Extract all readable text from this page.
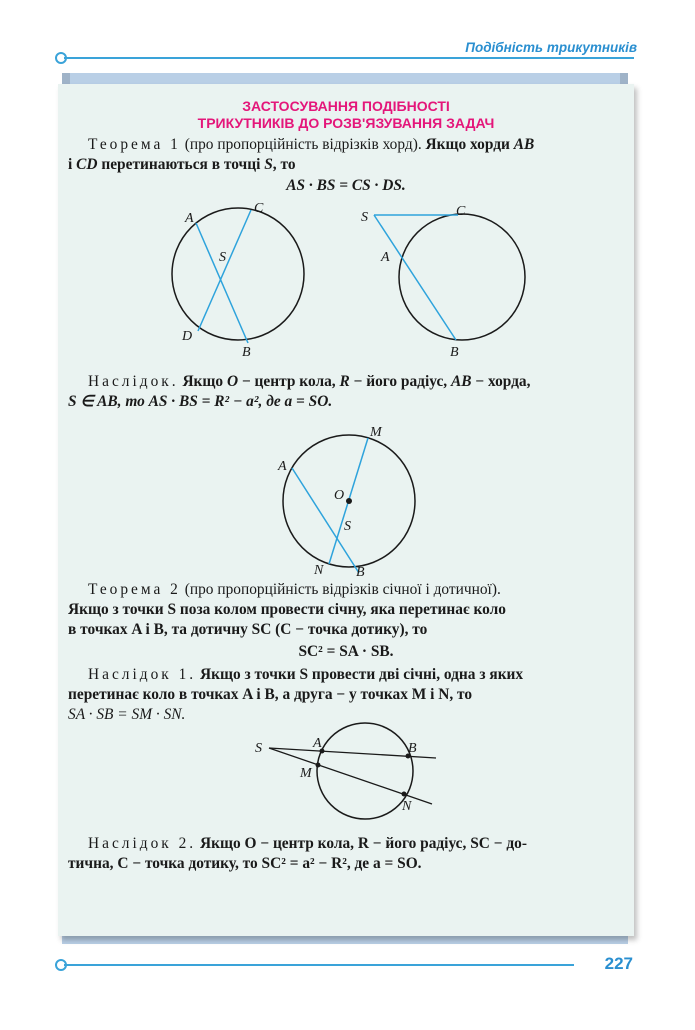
Подібність трикутників
ЗАСТОСУВАННЯ ПОДІБНОСТІ
ТРИКУТНИКІВ ДО РОЗВ'ЯЗУВАННЯ ЗАДАЧ
Теорема 1 (про пропорційність відрізків хорд). Якщо хорди AB
і CD перетинаються в точці S, то
AS · BS = CS · DS.
A
C
S
D
B
S	C
A
B
M
A
O
S
N B
S	A	B
M
N
Наслідок. Якщо O − центр кола, R − його радіус, AB − хорда,
S ∈ AB, то AS · BS = R² − a², де a = SO.
Теорема 2 (про пропорційність відрізків січної і дотичної).
Якщо з точки S поза колом провести січну, яка перетинає коло
в точках A і B, та дотичну SC (C − точка дотику), то
SC² = SA · SB.
Наслідок 1. Якщо з точки S провести дві січні, одна з яких
перетинає коло в точках A і B, а друга − у точках M і N, то
SA · SB = SM · SN.
Наслідок 2. Якщо O − центр кола, R − його радіус, SC − до-
тична, C − точка дотику, то SC² = a² − R², де a = SO.
227
